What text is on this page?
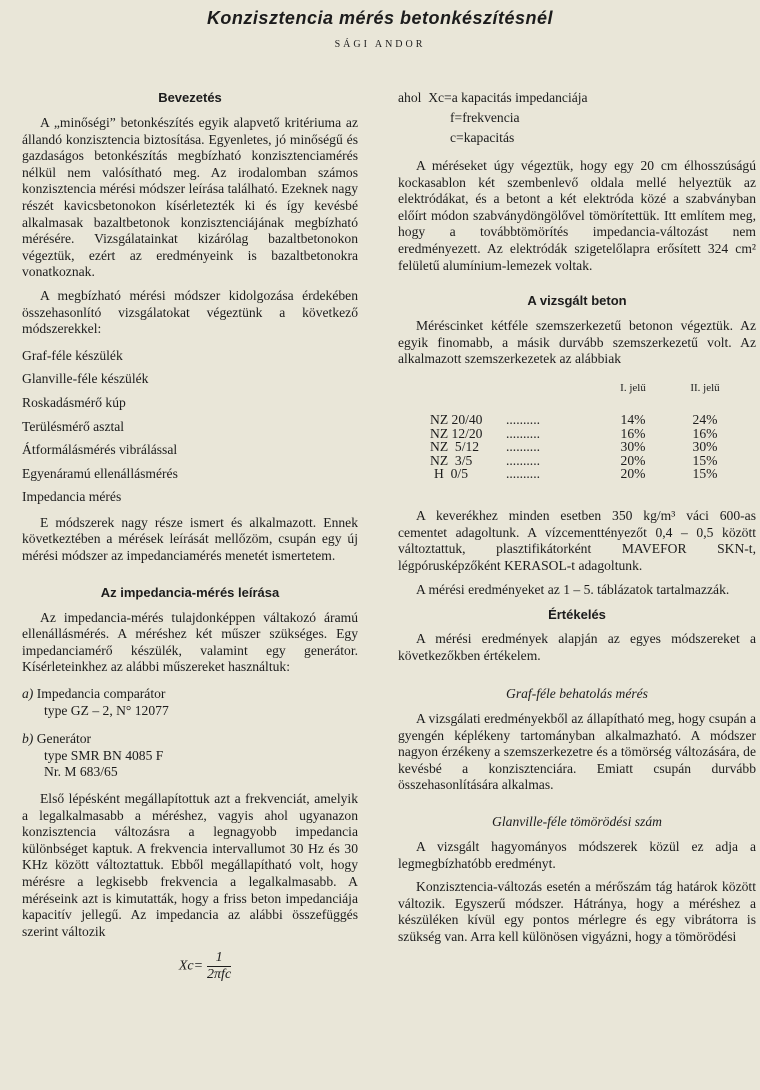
Konzisztencia mérés betonkészítésnél
SÁGI ANDOR
Bevezetés

A „minőségi” betonkészítés egyik alapvető kritériuma az állandó konzisztencia biztosítása. Egyenletes, jó minőségű és gazdaságos betonkészítás megbízható konzisztenciamérés nélkül nem valósítható meg. Az irodalomban számos konzisztencia mérési módszer leírása található. Ezeknek nagy részét kavicsbetonokon kísérletezték ki és így kevésbé alkalmasak bazaltbetonok konzisztenciájának megbízható mérésére. Vizsgálatainkat kizárólag bazaltbetonokon végeztük, ezért az eredményeink is bazaltbetonokra vonatkoznak.

A megbízható mérési módszer kidolgozása érdekében összehasonlító vizsgálatokat végeztünk a következő módszerekkel:

Graf-féle készülék
Glanville-féle készülék
Roskadásmérő kúp
Terülésmérő asztal
Átformálásmérés vibrálással
Egyenáramú ellenállásmérés
Impedancia mérés

E módszerek nagy része ismert és alkalmazott. Ennek következtében a mérések leírását mellőzöm, csupán egy új mérési módszer az impedanciamérés menetét ismertetem.

Az impedancia-mérés leírása

Az impedancia-mérés tulajdonképpen váltakozó áramú ellenállásmérés. A méréshez két műszer szükséges. Egy impedanciamérő készülék, valamint egy generátor. Kísérleteinkhez az alábbi műszereket használtuk:

a) Impedancia comparátor
type GZ – 2, N° 12077
b) Generátor
type SMR BN 4085 F
Nr. M 683/65

Első lépésként megállapítottuk azt a frekvenciát, amelyik a legalkalmasabb a méréshez, vagyis ahol ugyanazon konzisztencia változásra a legnagyobb impedancia különbséget kaptuk. A frekvencia intervallumot 30 Hz és 30 KHz között változtattuk. Ebből megállapítható volt, hogy mérésre a legkisebb frekvencia a legalkalmasabb. A méréseink azt is kimutatták, hogy a friss beton impedanciája kapacitív jellegű. Az impedancia az alábbi összefüggés szerint változik

$Xc= \frac{1}{\text{2πfc}}$
ahol Xc=a kapacitás impedanciája
f=frekvencia
c=kapacitás

A méréseket úgy végeztük, hogy egy 20 cm élhosszúságú kockasablon két szembenlevő oldala mellé helyeztük az elektródákat, és a betont a két elektróda közé a szabványban előírt módon szabványdöngölővel tömörítettük. Itt említem meg, hogy a továbbtömörítés impedancia-változást nem eredményezett. Az elektródák szigetelőlapra erősített 324 cm² felületű alumínium-lemezek voltak.

A vizsgált beton

Méréscinket kétféle szemszerkezetű betonon végeztük. Az egyik finomabb, a másik durvább szemszerkezetű volt. Az alkalmazott szemszerkezetek az alábbiak

		I. jelű	II. jelű

NZ 20/40	..........	14%	24%
NZ 12/20	..........	16%	16%
NZ  5/12	..........	30%	30%
NZ  3/5	..........	20%	15%
H  0/5	..........	20%	15%

A keverékhez minden esetben 350 kg/m³ váci 600-as cementet adagoltunk. A vízcementtényezőt 0,4 – 0,5 között változtattuk, plasztifikátorként MAVEFOR SKN-t, légpórusképzőként KERASOL-t adagoltunk.

A mérési eredményeket az 1 – 5. táblázatok tartalmazzák.

Értékelés

A mérési eredmények alapján az egyes módszereket a következőkben értékelem.

Graf-féle behatolás mérés

A vizsgálati eredményekből az állapítható meg, hogy csupán a gyengén képlékeny tartományban alkalmazható. A módszer nagyon érzékeny a szemszerkezetre és a tömörség változására, de kevésbé a konzisztenciára. Emiatt csupán durvább összehasonlítására alkalmas.

Glanville-féle tömörödési szám

A vizsgált hagyományos módszerek közül ez adja a legmegbízhatóbb eredményt.

Konzisztencia-változás esetén a mérőszám tág határok között változik. Egyszerű módszer. Hátránya, hogy a méréshez a készüléken kívül egy pontos mérlegre és egy vibrátorra is szükség van. Arra kell különösen vigyázni, hogy a tömörödési
